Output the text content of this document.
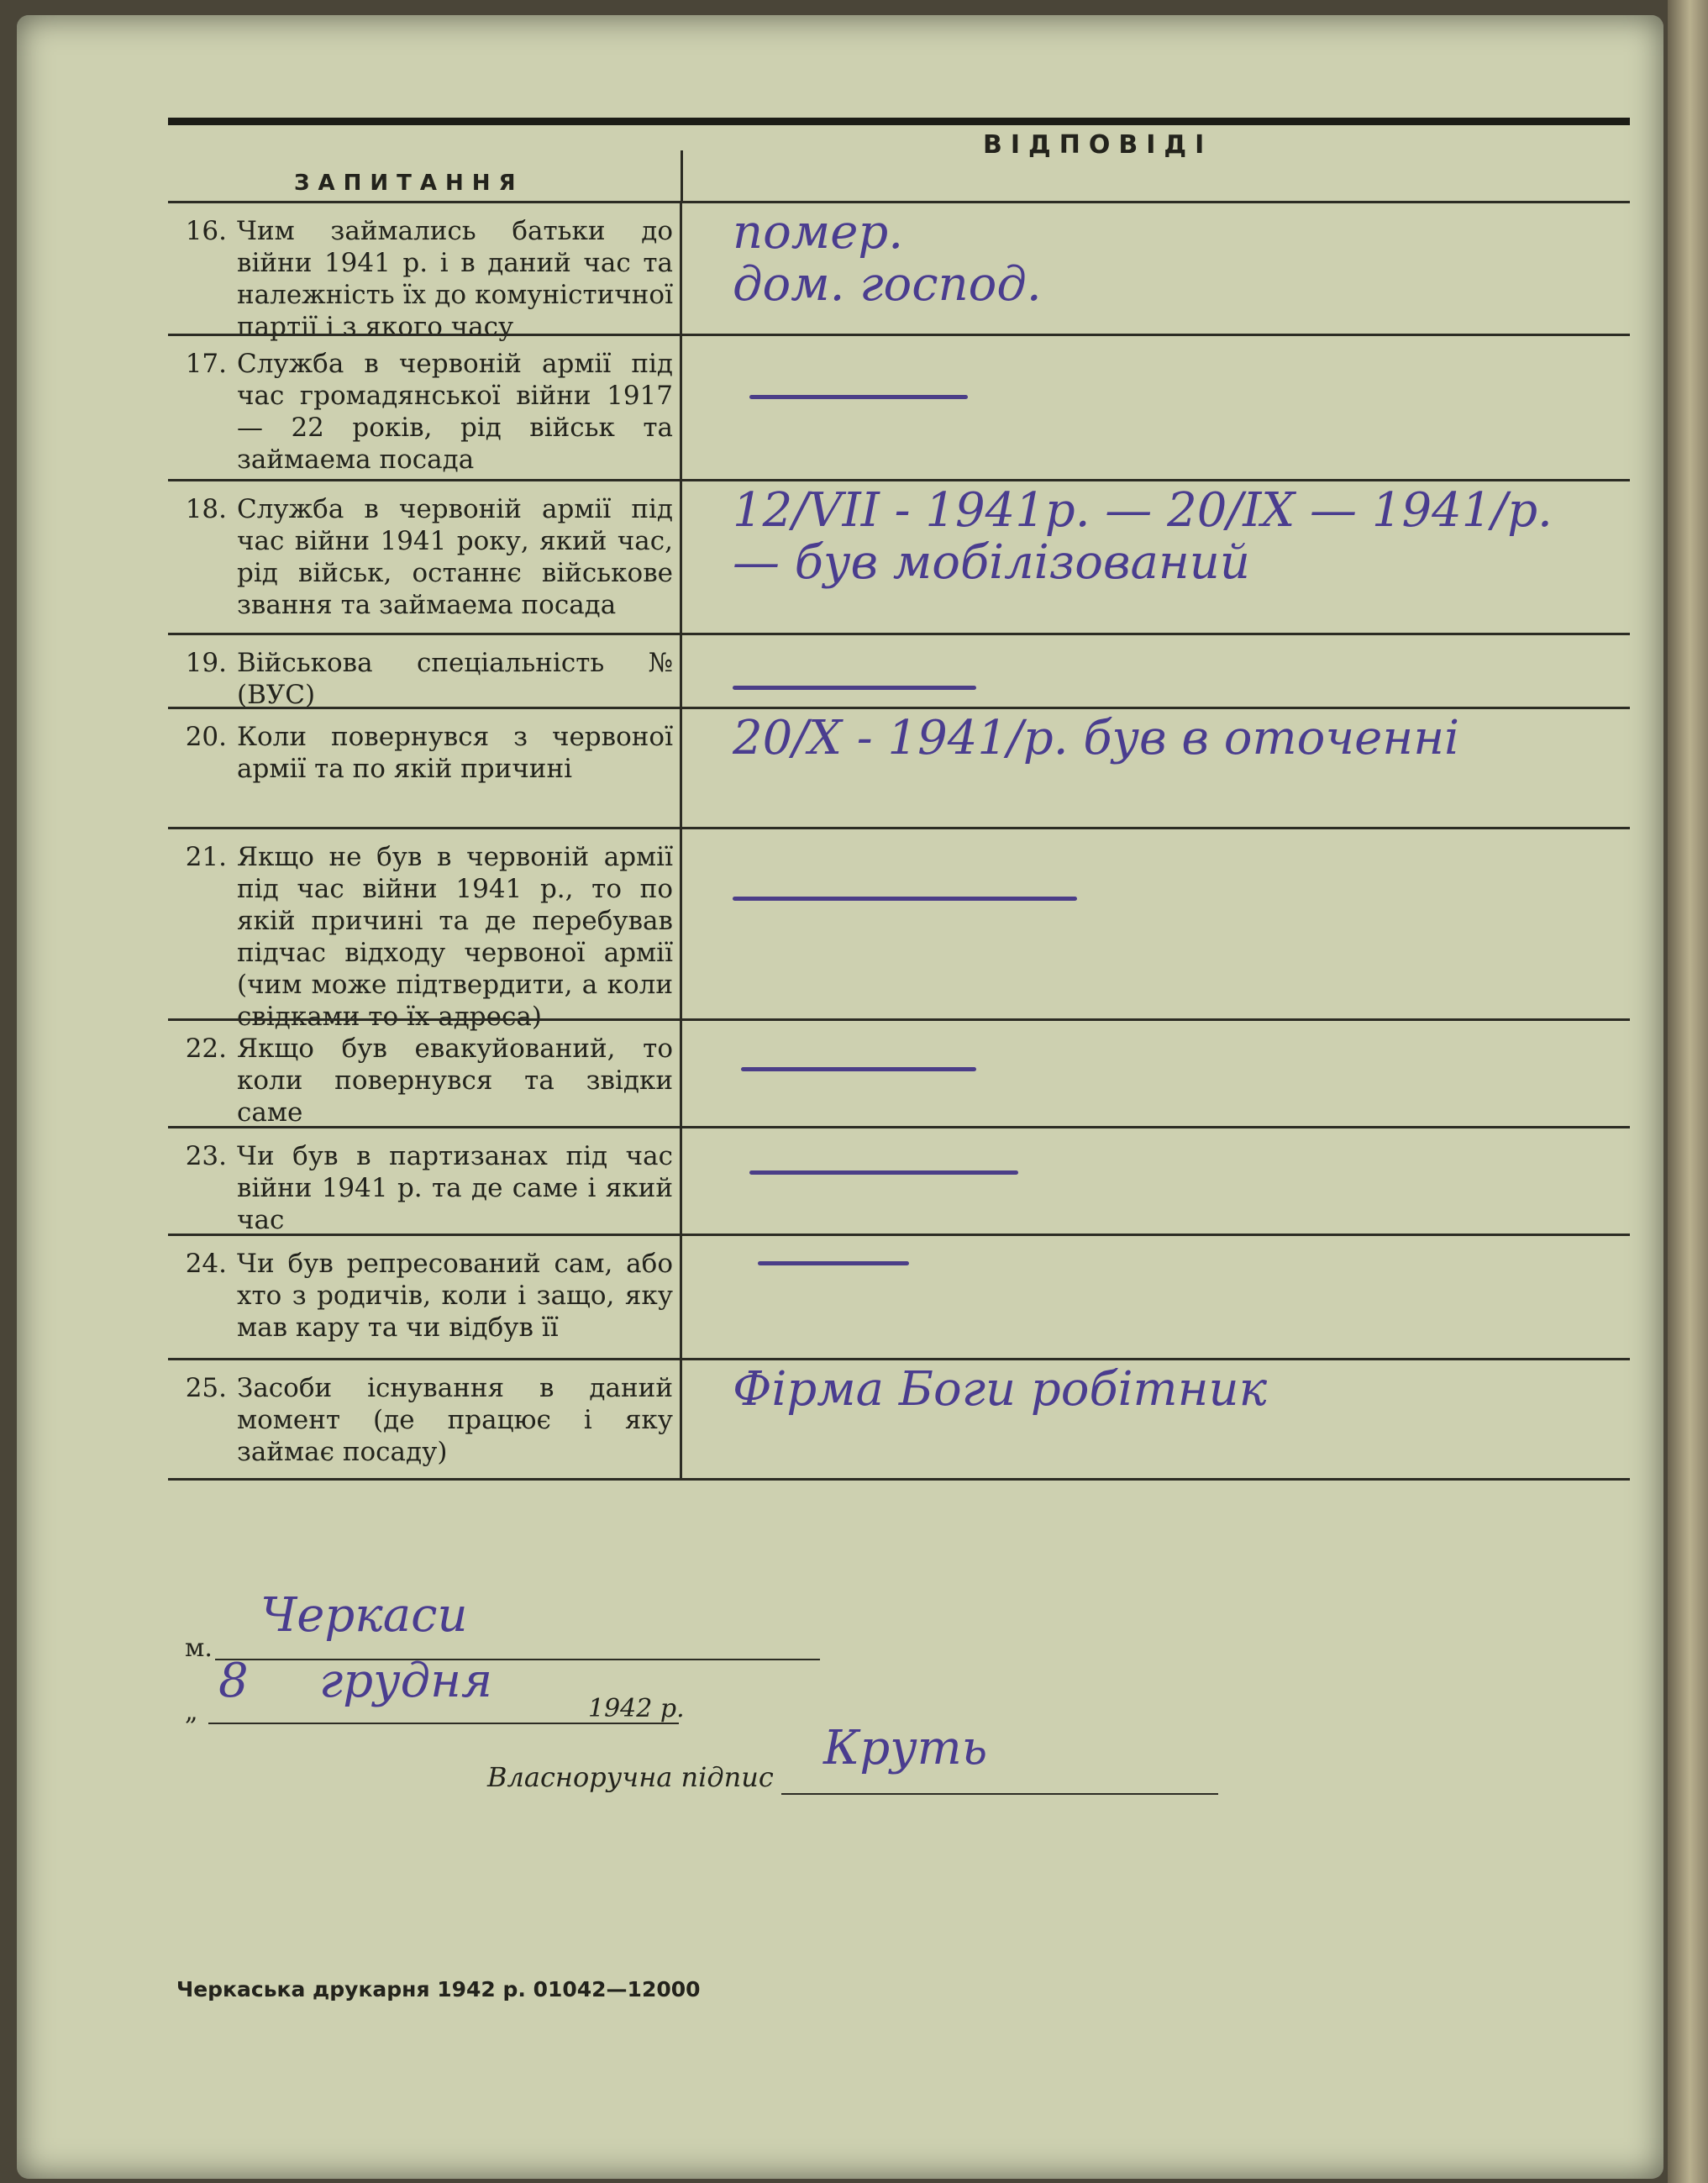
ЗАПИТАННЯ
ВІДПОВІДІ
16. Чим займались батьки до війни 1941 р. і в даний час та належність їх до комуністичної партії і з якого часу
помер.
дом. господ.
17. Служба в червоній армії під час громадянської війни 1917 — 22 років, рід військ та займаема посада
18. Служба в червоній армії під час війни 1941 року, який час, рід військ, останнє військове звання та займаема посада
12/VII - 1941р. — 20/IX — 1941/р.
— був мобілізований
19. Військова спеціальність № (ВУС)
20. Коли повернувся з червоної армії та по якій причині
20/X - 1941/р. був в оточенні
21. Якщо не був в червоній армії під час війни 1941 р., то по якій причині та де перебував підчас відходу червоної армії (чим може підтвердити, а коли свідками то їх адреса)
22. Якщо був евакуйований, то коли повернувся та звідки саме
23. Чи був в партизанах під час війни 1941 р. та де саме і який час
24. Чи був репресований сам, або хто з родичів, коли і защо, яку мав кару та чи відбув її
25. Засоби існування в даний момент (де працює і яку займає посаду)
Фірма Боги робітник
м.
Черкаси
„
8 грудня
1942 р.
Власноручна підпис
Круть
Черкаська друкарня 1942 р. 01042—12000
